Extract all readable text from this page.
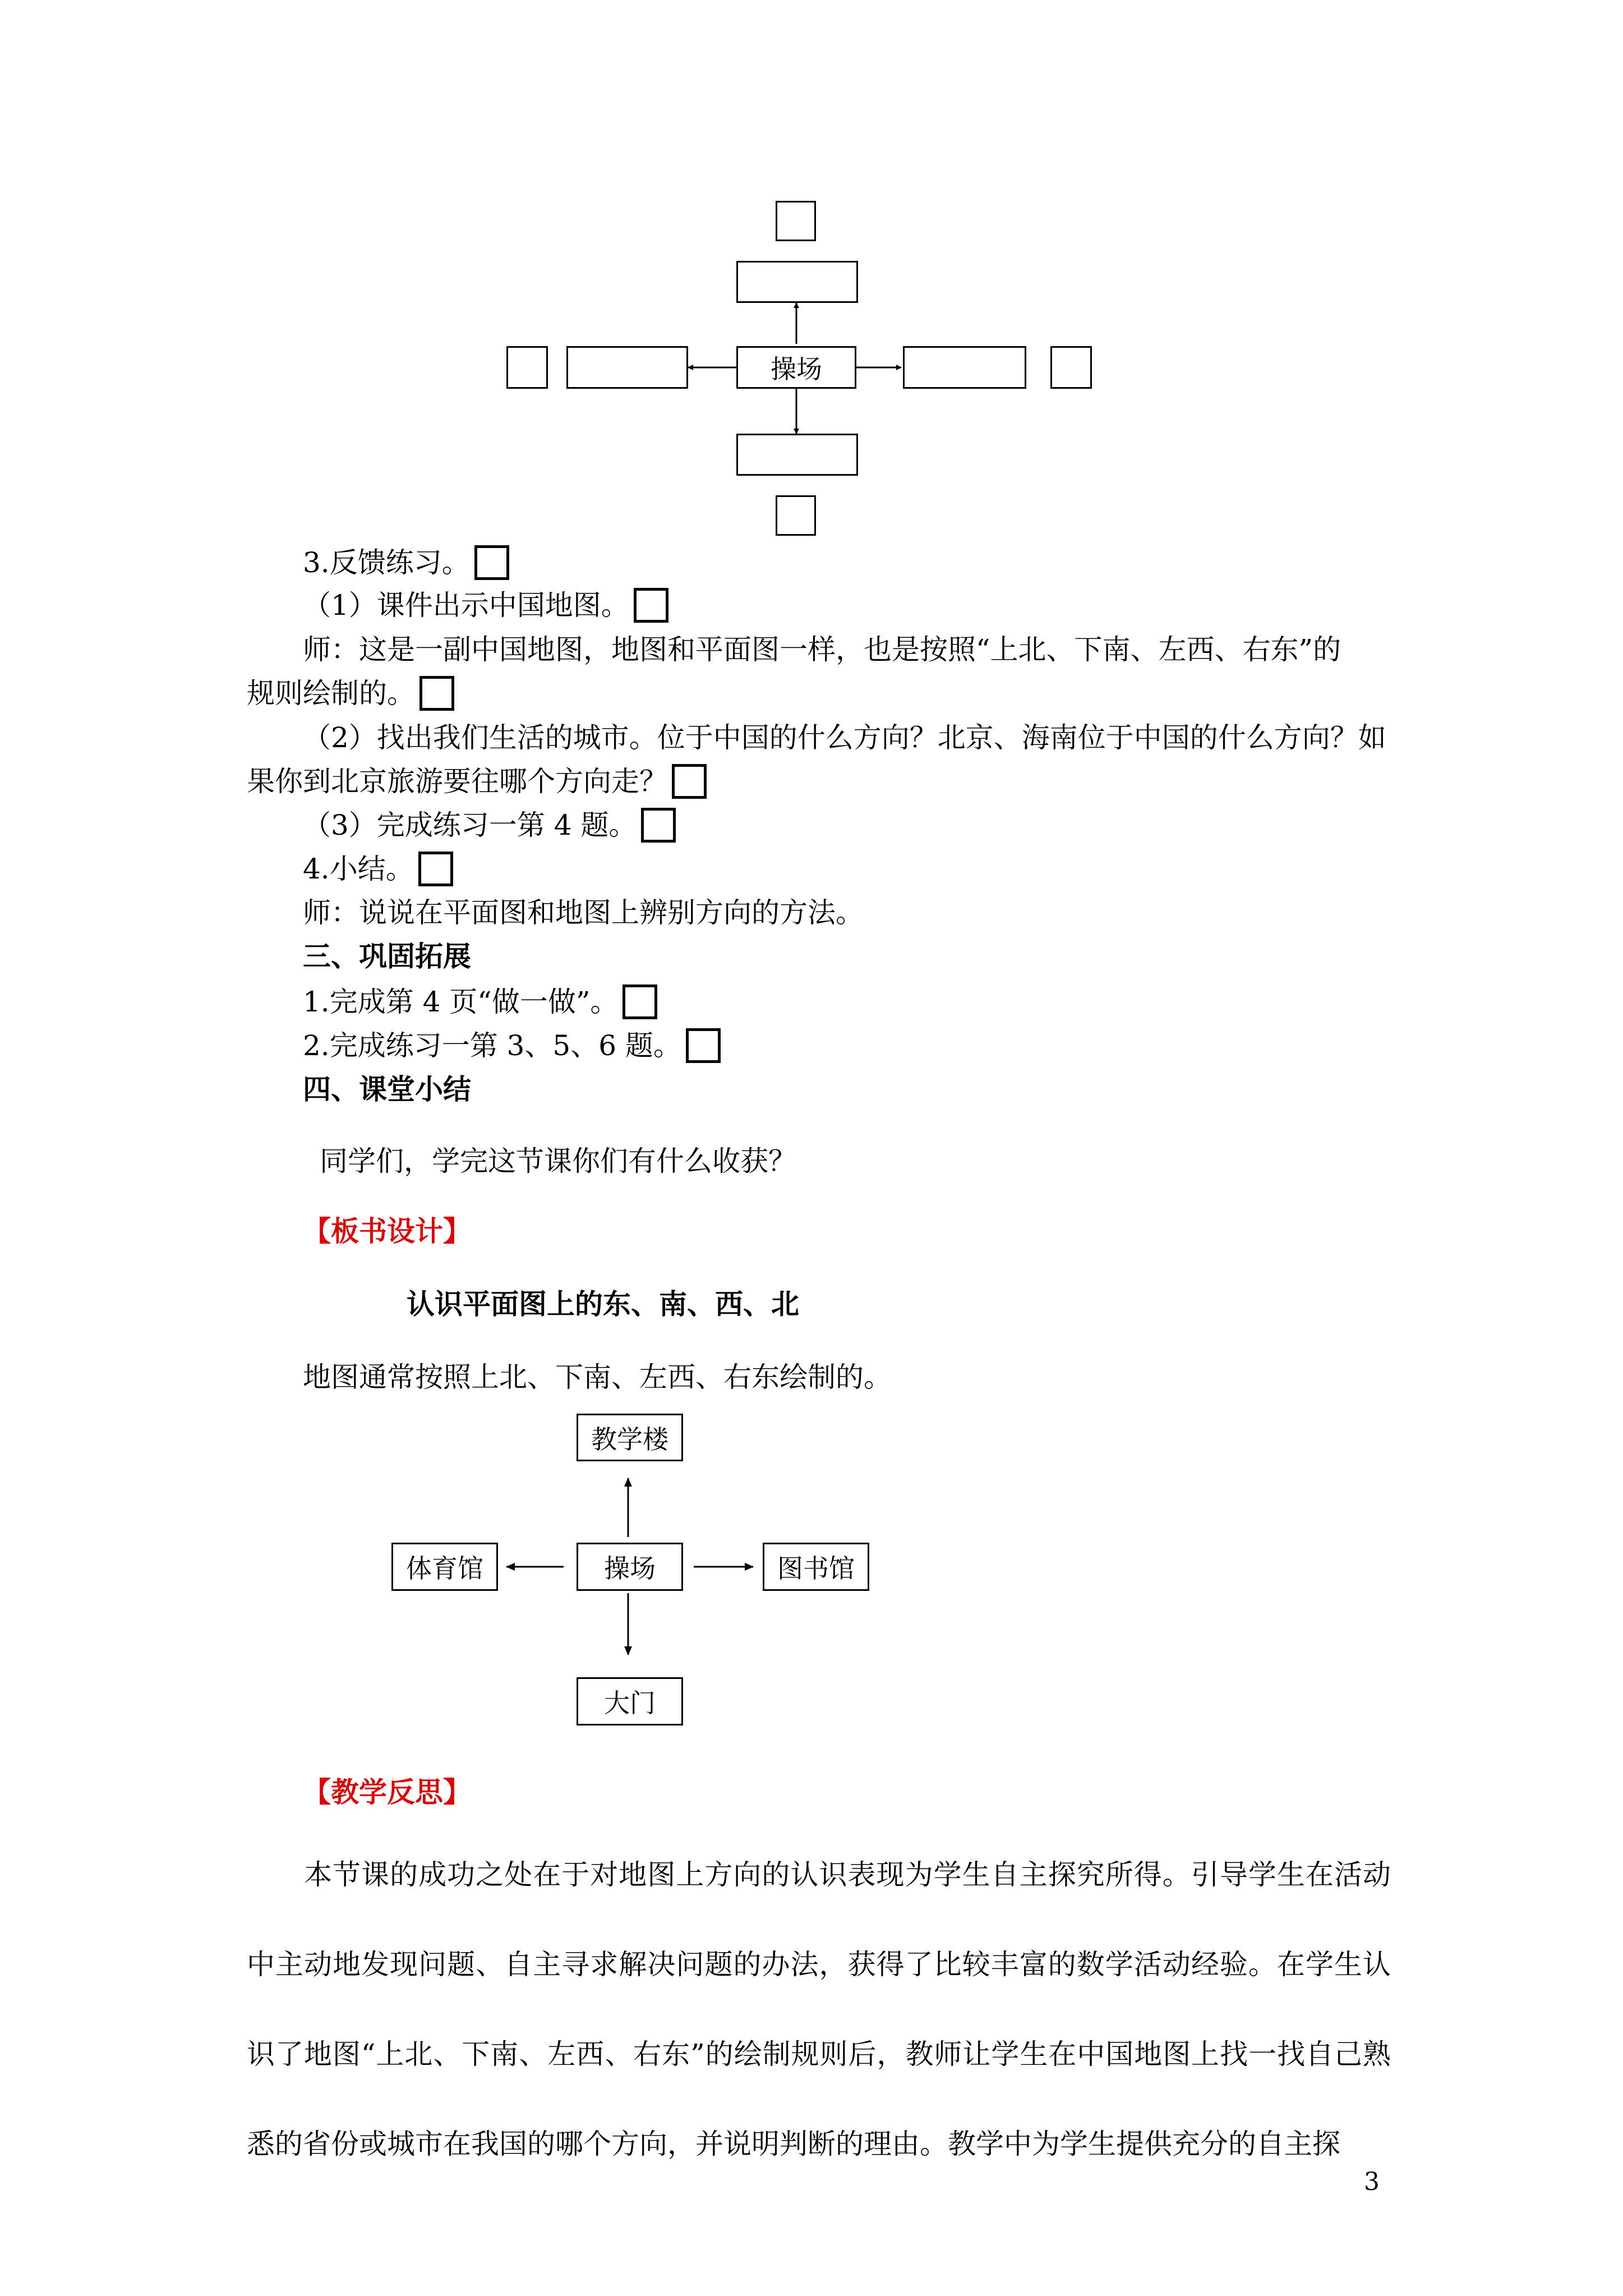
操场
3.反馈练习。
（1）课件出示中国地图。
师：这是一副中国地图，地图和平面图一样，也是按照“上北、下南、左西、右东”的
规则绘制的。
（2）找出我们生活的城市。位于中国的什么方向？北京、海南位于中国的什么方向？如
果你到北京旅游要往哪个方向走？
（3）完成练习一第 4 题。
4.小结。
师：说说在平面图和地图上辨别方向的方法。
三、巩固拓展
1.完成第 4 页“做一做”。
2.完成练习一第 3、5、6 题。
四、课堂小结
同学们，学完这节课你们有什么收获？
【板书设计】
认识平面图上的东、南、西、北
地图通常按照上北、下南、左西、右东绘制的。
教学楼
体育馆	操场	图书馆
大门
【教学反思】
本节课的成功之处在于对地图上方向的认识表现为学生自主探究所得。引导学生在活动中主动地发现问题、自主寻求解决问题的办法，获得了比较丰富的数学活动经验。在学生认识了地图“上北、下南、左西、右东”的绘制规则后，教师让学生在中国地图上找一找自己熟悉的省份或城市在我国的哪个方向，并说明判断的理由。教学中为学生提供充分的自主探
3
